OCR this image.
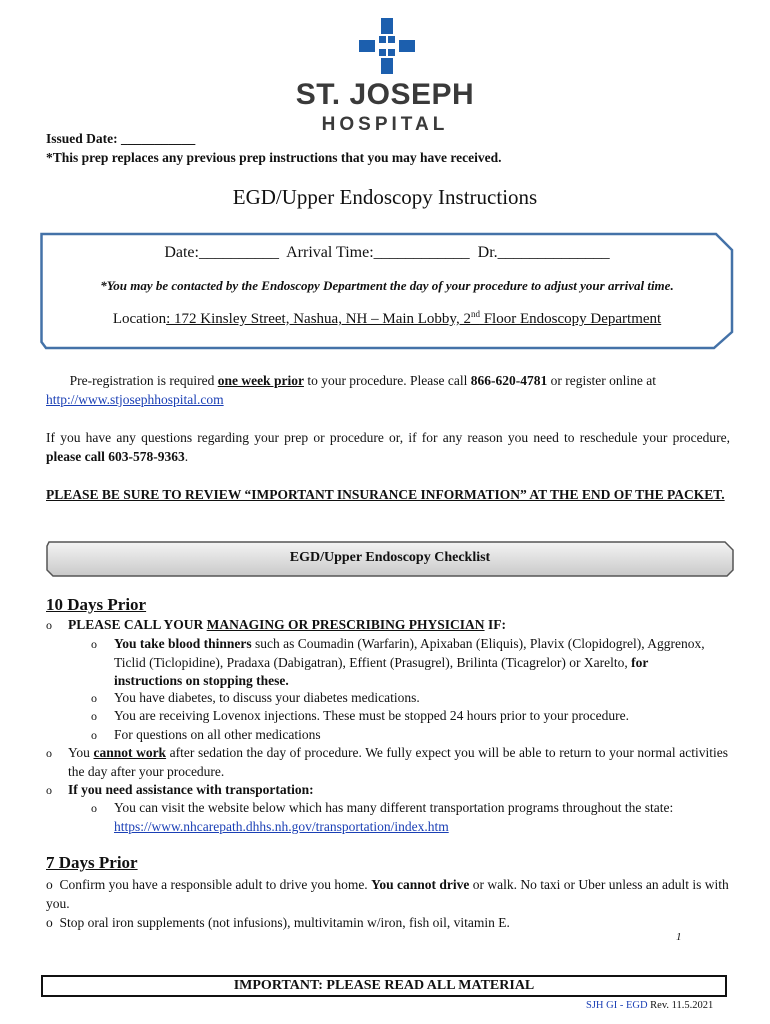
ST. JOSEPH
HOSPITAL
Issued Date: ___________
*This prep replaces any previous prep instructions that you may have received.
EGD/Upper Endoscopy Instructions
Date:__________ Arrival Time:____________ Dr.______________
*You may be contacted by the Endoscopy Department the day of your procedure to adjust your arrival time.
Location: 172 Kinsley Street, Nashua, NH – Main Lobby, 2nd Floor Endoscopy Department
Pre-registration is required one week prior to your procedure. Please call 866-620-4781 or register online at http://www.stjosephhospital.com
If you have any questions regarding your prep or procedure or, if for any reason you need to reschedule your procedure, please call 603-578-9363.
PLEASE BE SURE TO REVIEW “IMPORTANT INSURANCE INFORMATION” AT THE END OF THE PACKET.
EGD/Upper Endoscopy Checklist
10 Days Prior
o PLEASE CALL YOUR MANAGING OR PRESCRIBING PHYSICIAN IF:
o You take blood thinners such as Coumadin (Warfarin), Apixaban (Eliquis), Plavix (Clopidogrel), Aggrenox, Ticlid (Ticlopidine), Pradaxa (Dabigatran), Effient (Prasugrel), Brilinta (Ticagrelor) or Xarelto, for instructions on stopping these.
o You have diabetes, to discuss your diabetes medications.
o You are receiving Lovenox injections. These must be stopped 24 hours prior to your procedure.
o For questions on all other medications
o You cannot work after sedation the day of procedure. We fully expect you will be able to return to your normal activities the day after your procedure.
o If you need assistance with transportation:
o You can visit the website below which has many different transportation programs throughout the state:
https://www.nhcarepath.dhhs.nh.gov/transportation/index.htm
7 Days Prior
o Confirm you have a responsible adult to drive you home. You cannot drive or walk. No taxi or Uber unless an adult is with you.
o Stop oral iron supplements (not infusions), multivitamin w/iron, fish oil, vitamin E.
1
IMPORTANT: PLEASE READ ALL MATERIAL
SJH GI - EGD Rev. 11.5.2021
